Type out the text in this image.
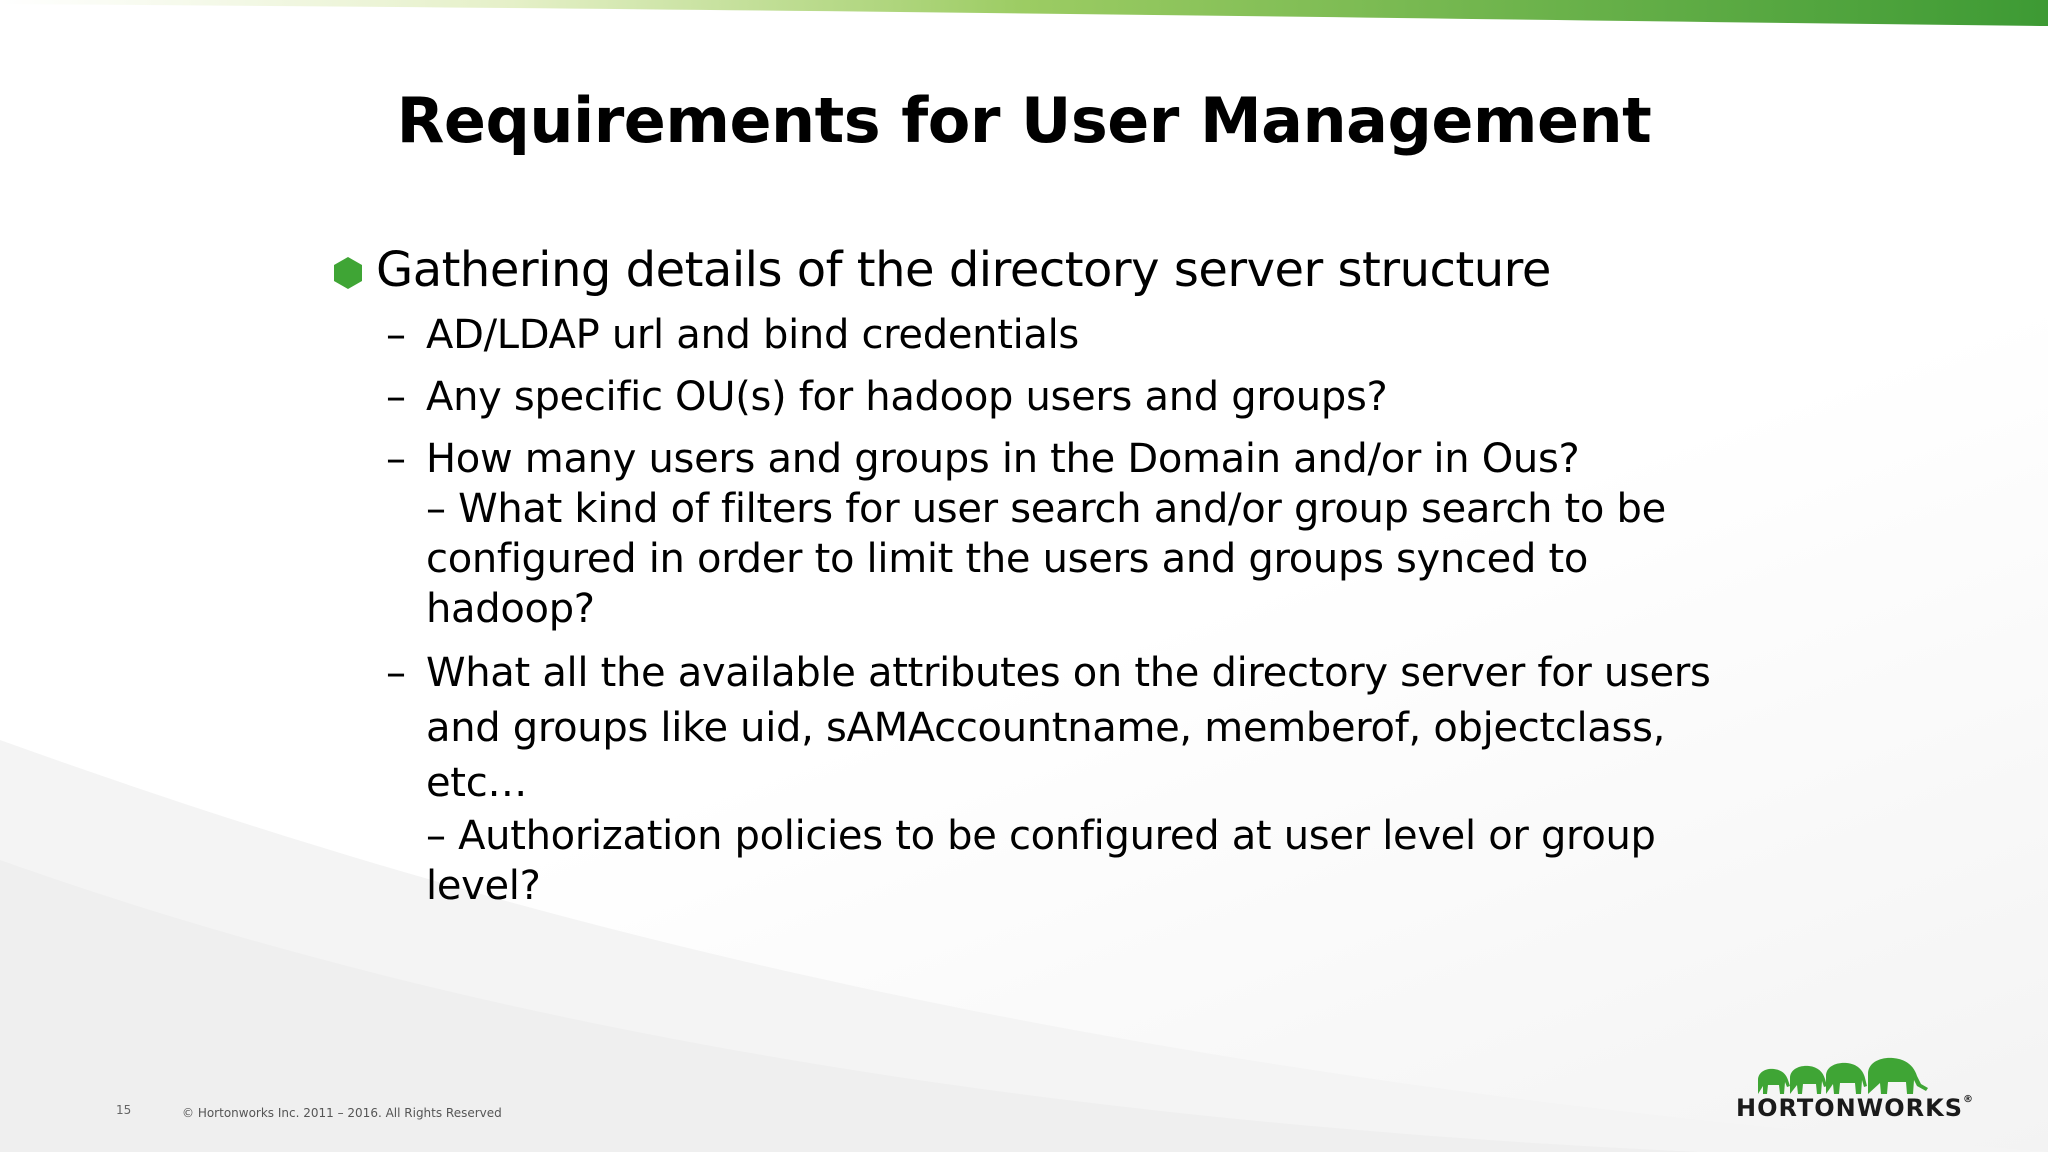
Requirements for User Management
Gathering details of the directory server structure
– AD/LDAP url and bind credentials
– Any specific OU(s) for hadoop users and groups?
– How many users and groups in the Domain and/or in Ous?
– What kind of filters for user search and/or group search to be configured in order to limit the users and groups synced to hadoop?
– What all the available attributes on the directory server for users and groups like uid, sAMAccountname, memberof, objectclass, etc…
– Authorization policies to be configured at user level or group level?
15	© Hortonworks Inc. 2011 – 2016. All Rights Reserved	HORTONWORKS®
